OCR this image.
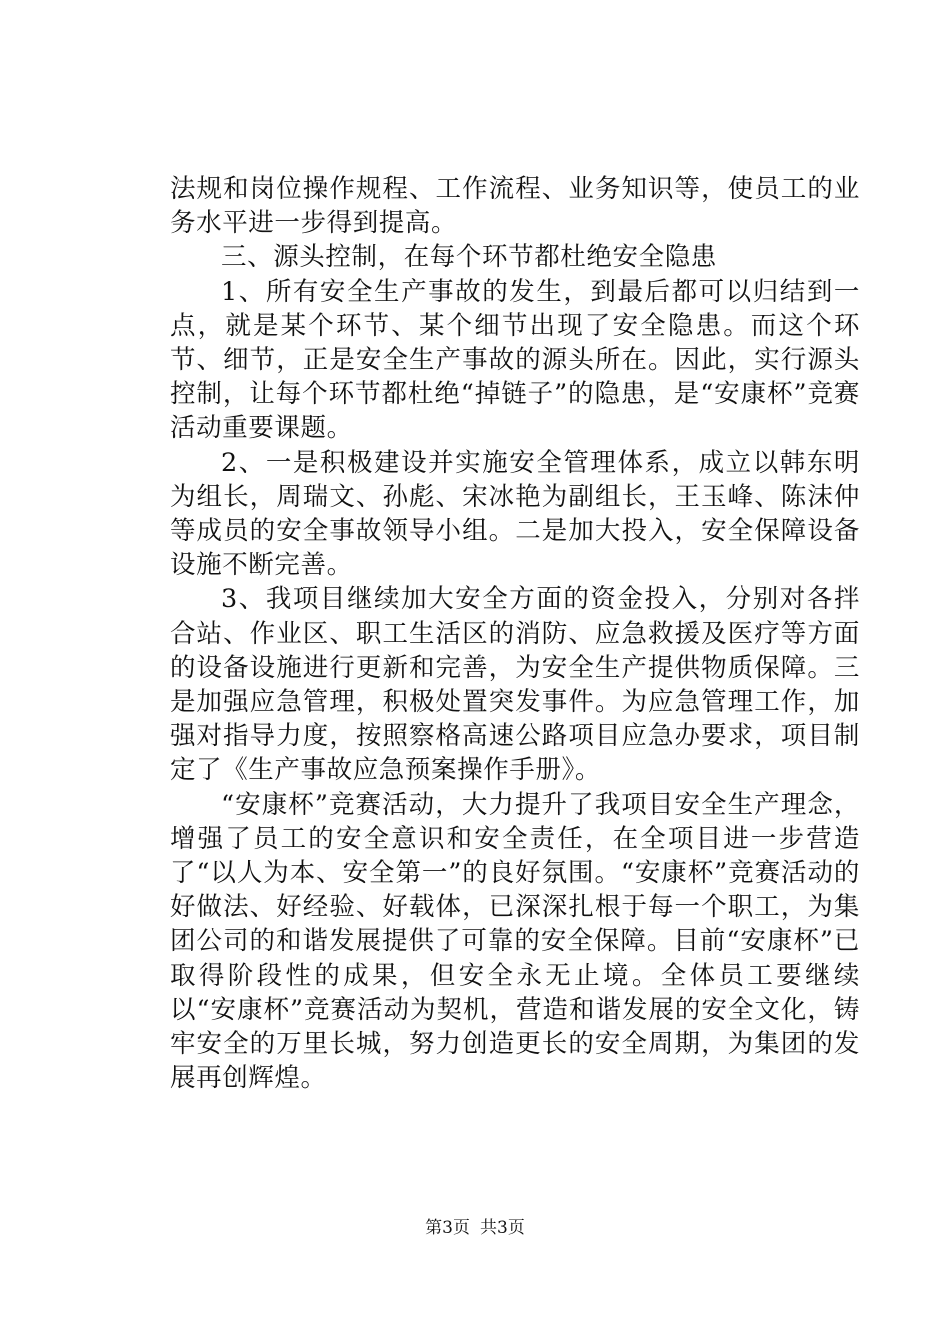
法规和岗位操作规程、工作流程、业务知识等，使员工的业务水平进一步得到提高。

三、源头控制，在每个环节都杜绝安全隐患

1、所有安全生产事故的发生，到最后都可以归结到一点，就是某个环节、某个细节出现了安全隐患。而这个环节、细节，正是安全生产事故的源头所在。因此，实行源头控制，让每个环节都杜绝“掉链子”的隐患，是“安康杯”竞赛活动重要课题。

2、一是积极建设并实施安全管理体系，成立以韩东明为组长，周瑞文、孙彪、宋冰艳为副组长，王玉峰、陈沫仲等成员的安全事故领导小组。二是加大投入，安全保障设备设施不断完善。

3、我项目继续加大安全方面的资金投入，分别对各拌合站、作业区、职工生活区的消防、应急救援及医疗等方面的设备设施进行更新和完善，为安全生产提供物质保障。三是加强应急管理，积极处置突发事件。为应急管理工作，加强对指导力度，按照察格高速公路项目应急办要求，项目制定了《生产事故应急预案操作手册》。

“安康杯”竞赛活动，大力提升了我项目安全生产理念，增强了员工的安全意识和安全责任，在全项目进一步营造了“以人为本、安全第一”的良好氛围。“安康杯”竞赛活动的好做法、好经验、好载体，已深深扎根于每一个职工，为集团公司的和谐发展提供了可靠的安全保障。目前“安康杯”已取得阶段性的成果，但安全永无止境。全体员工要继续以“安康杯”竞赛活动为契机，营造和谐发展的安全文化，铸牢安全的万里长城，努力创造更长的安全周期，为集团的发展再创辉煌。

第3页 共3页
